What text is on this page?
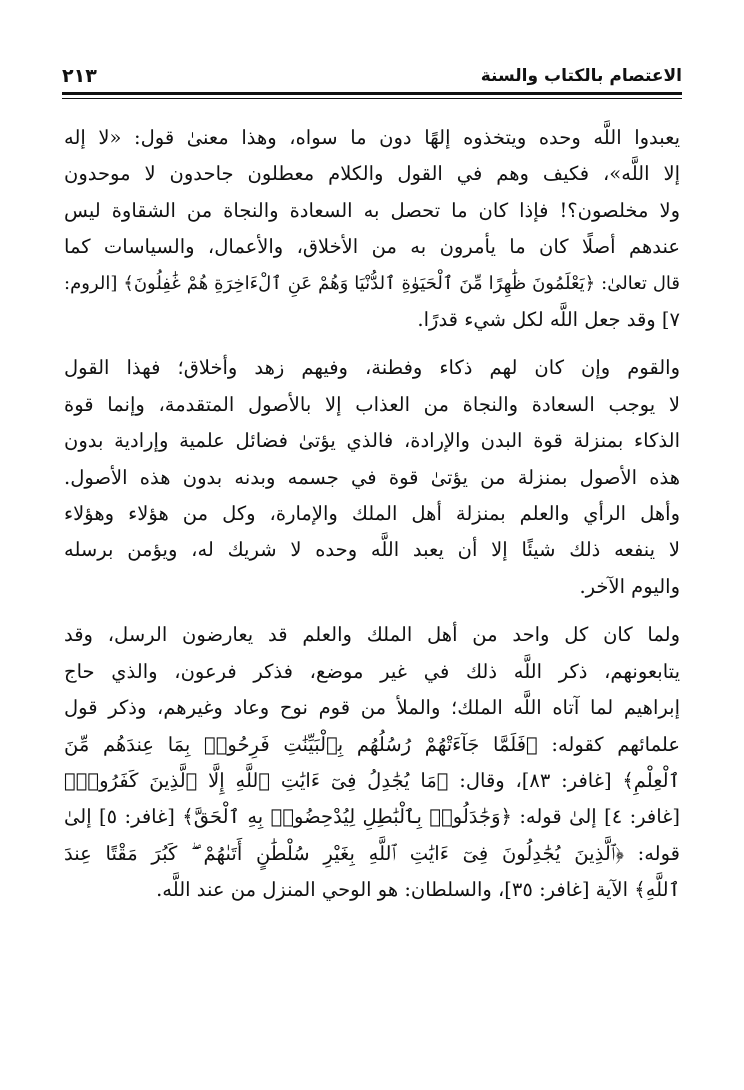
الاعتصام بالكتاب والسنة
٢١٣
يعبدوا اللَّه وحده ويتخذوه إلهًا دون ما سواه، وهذا معنىٰ قول: «لا إله
إلا اللَّه»، فكيف وهم في القول والكلام معطلون جاحدون لا موحدون
ولا مخلصون؟! فإذا كان ما تحصل به السعادة والنجاة من الشقاوة ليس
عندهم أصلًا كان ما يأمرون به من الأخلاق، والأعمال، والسياسات كما
قال تعالىٰ: ﴿يَعْلَمُونَ ظَٰهِرًا مِّنَ ٱلْحَيَوٰةِ ٱلدُّنْيَا وَهُمْ عَنِ ٱلْءَاخِرَةِ هُمْ غَٰفِلُونَ﴾ [الروم:
٧] وقد جعل اللَّه لكل شيء قدرًا.
والقوم وإن كان لهم ذكاء وفطنة، وفيهم زهد وأخلاق؛ فهذا القول
لا يوجب السعادة والنجاة من العذاب إلا بالأصول المتقدمة، وإنما قوة
الذكاء بمنزلة قوة البدن والإرادة، فالذي يؤتىٰ فضائل علمية وإرادية بدون
هذه الأصول بمنزلة من يؤتىٰ قوة في جسمه وبدنه بدون هذه الأصول.
وأهل الرأي والعلم بمنزلة أهل الملك والإمارة، وكل من هؤلاء وهؤلاء
لا ينفعه ذلك شيئًا إلا أن يعبد اللَّه وحده لا شريك له، ويؤمن برسله
واليوم الآخر.
ولما كان كل واحد من أهل الملك والعلم قد يعارضون الرسل، وقد
يتابعونهم، ذكر اللَّه ذلك في غير موضع، فذكر فرعون، والذي حاج
إبراهيم لما آتاه اللَّه الملك؛ والملأ من قوم نوح وعاد وغيرهم، وذكر قول
علمائهم كقوله: ﴿فَلَمَّا جَآءَتْهُمْ رُسُلُهُم بِٱلْبَيِّنَٰتِ فَرِحُوا۟ بِمَا عِندَهُم مِّنَ
ٱلْعِلْمِ﴾ [غافر: ٨٣]، وقال: ﴿مَا يُجَٰدِلُ فِىٓ ءَايَٰتِ ٱللَّهِ إِلَّا ٱلَّذِينَ كَفَرُوا۟﴾
[غافر: ٤] إلىٰ قوله: ﴿وَجَٰدَلُوا۟ بِٱلْبَٰطِلِ لِيُدْحِضُوا۟ بِهِ ٱلْحَقَّ﴾ [غافر: ٥] إلىٰ
قوله: ﴿ٱلَّذِينَ يُجَٰدِلُونَ فِىٓ ءَايَٰتِ ٱللَّهِ بِغَيْرِ سُلْطَٰنٍ أَتَىٰهُمْ ۖ كَبُرَ مَقْتًا عِندَ
ٱللَّهِ﴾ الآية [غافر: ٣٥]، والسلطان: هو الوحي المنزل من عند اللَّه.
